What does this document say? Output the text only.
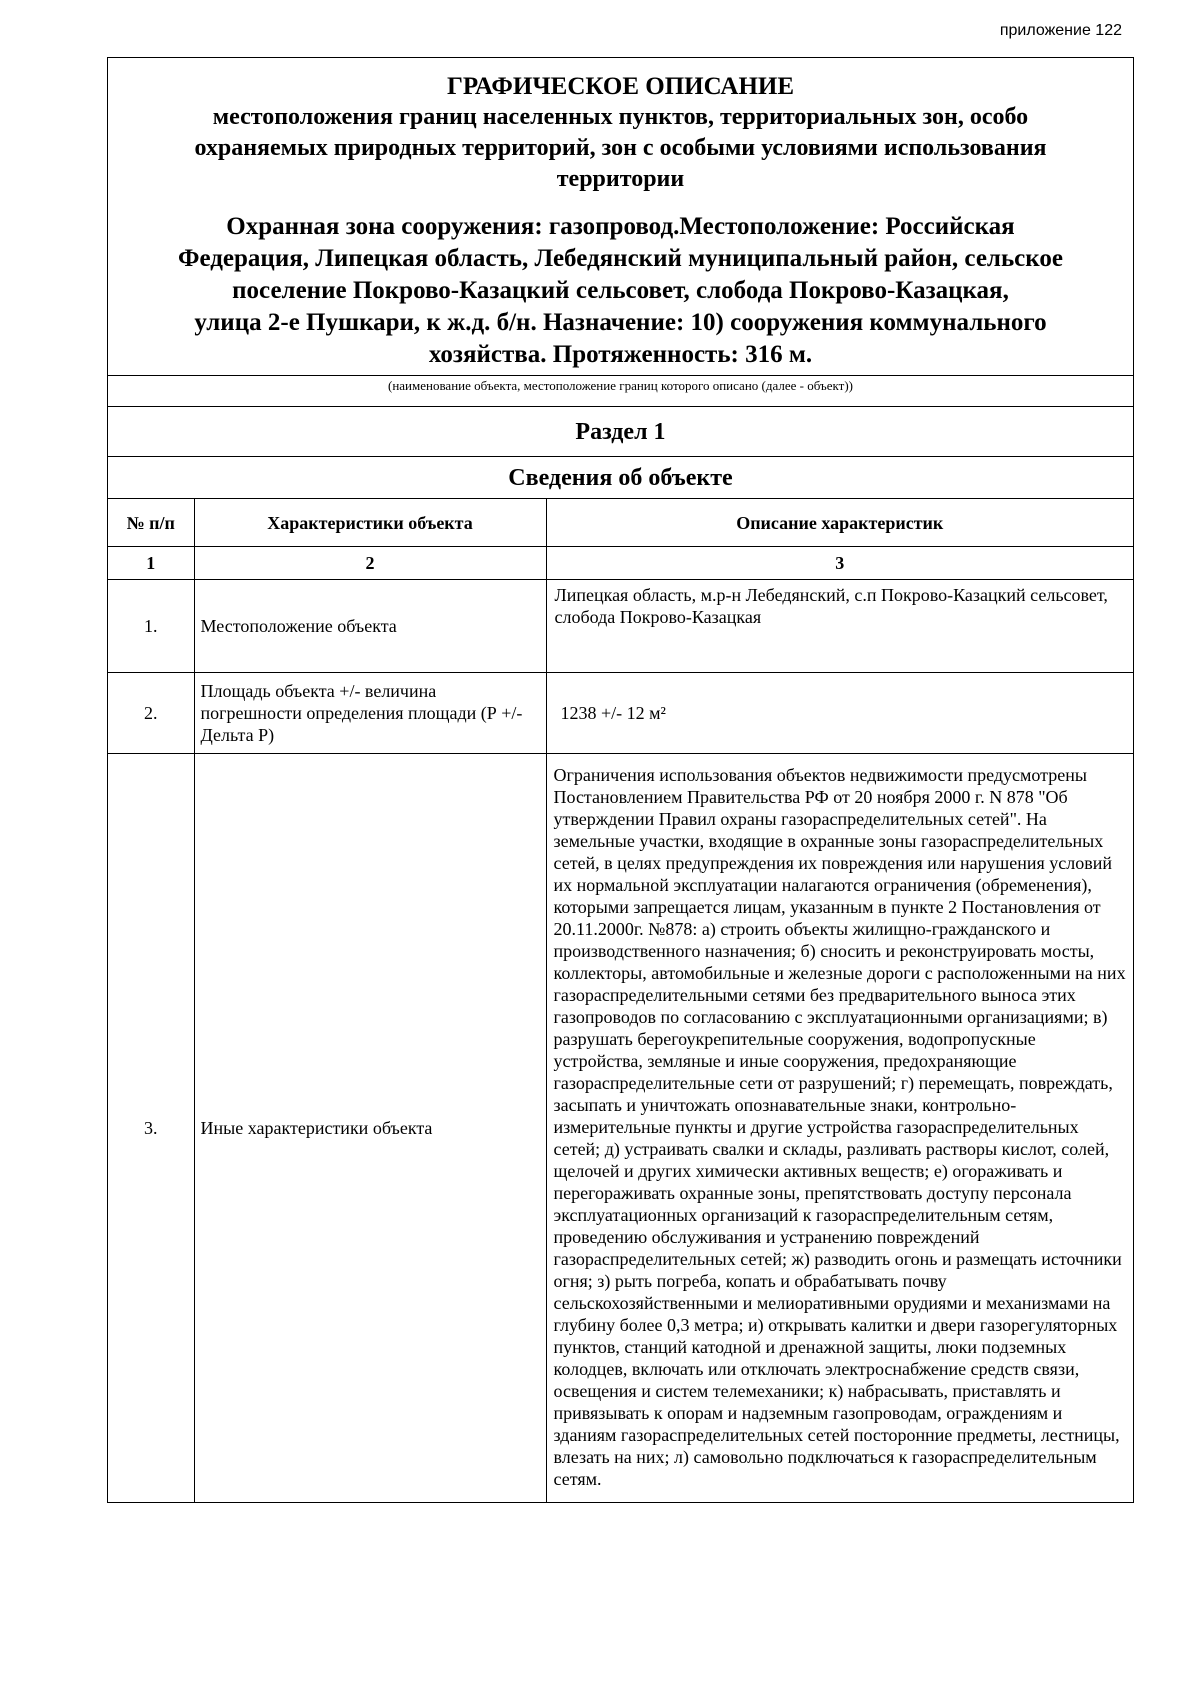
приложение 122
ГРАФИЧЕСКОЕ ОПИСАНИЕ
местоположения границ населенных пунктов, территориальных зон, особо
охраняемых природных территорий, зон с особыми условиями использования
территории
Охранная зона сооружения: газопровод.Местоположение: Российская
Федерация, Липецкая область, Лебедянский муниципальный район, сельское
поселение Покрово-Казацкий сельсовет, слобода Покрово-Казацкая,
улица 2-е Пушкари, к ж.д. б/н. Назначение: 10) сооружения коммунального
хозяйства. Протяженность: 316 м.
(наименование объекта, местоположение границ которого описано (далее - объект))
Раздел 1
Сведения об объекте
№ п/п	Характеристики объекта	Описание характеристик
1	2	3
1.	Местоположение объекта	Липецкая область, м.р-н Лебедянский, с.п Покрово-Казацкий сельсовет, слобода Покрово-Казацкая
2.	Площадь объекта +/- величина погрешности определения площади (Р +/- Дельта Р)	1238 +/- 12 м²
3.	Иные характеристики объекта	Ограничения использования объектов недвижимости предусмотрены Постановлением Правительства РФ от 20 ноября 2000 г. N 878 "Об утверждении Правил охраны газораспределительных сетей". На земельные участки, входящие в охранные зоны газораспределительных сетей, в целях предупреждения их повреждения или нарушения условий их нормальной эксплуатации налагаются ограничения (обременения), которыми запрещается лицам, указанным в пункте 2 Постановления от 20.11.2000г. №878: а) строить объекты жилищно-гражданского и производственного назначения; б) сносить и реконструировать мосты, коллекторы, автомобильные и железные дороги с расположенными на них газораспределительными сетями без предварительного выноса этих газопроводов по согласованию с эксплуатационными организациями; в) разрушать берегоукрепительные сооружения, водопропускные устройства, земляные и иные сооружения, предохраняющие газораспределительные сети от разрушений; г) перемещать, повреждать, засыпать и уничтожать опознавательные знаки, контрольно-измерительные пункты и другие устройства газораспределительных сетей; д) устраивать свалки и склады, разливать растворы кислот, солей, щелочей и других химически активных веществ; е) огораживать и перегораживать охранные зоны, препятствовать доступу персонала эксплуатационных организаций к газораспределительным сетям, проведению обслуживания и устранению повреждений газораспределительных сетей; ж) разводить огонь и размещать источники огня; з) рыть погреба, копать и обрабатывать почву сельскохозяйственными и мелиоративными орудиями и механизмами на глубину более 0,3 метра; и) открывать калитки и двери газорегуляторных пунктов, станций катодной и дренажной защиты, люки подземных колодцев, включать или отключать электроснабжение средств связи, освещения и систем телемеханики; к) набрасывать, приставлять и привязывать к опорам и надземным газопроводам, ограждениям и зданиям газораспределительных сетей посторонние предметы, лестницы, влезать на них; л) самовольно подключаться к газораспределительным сетям.
